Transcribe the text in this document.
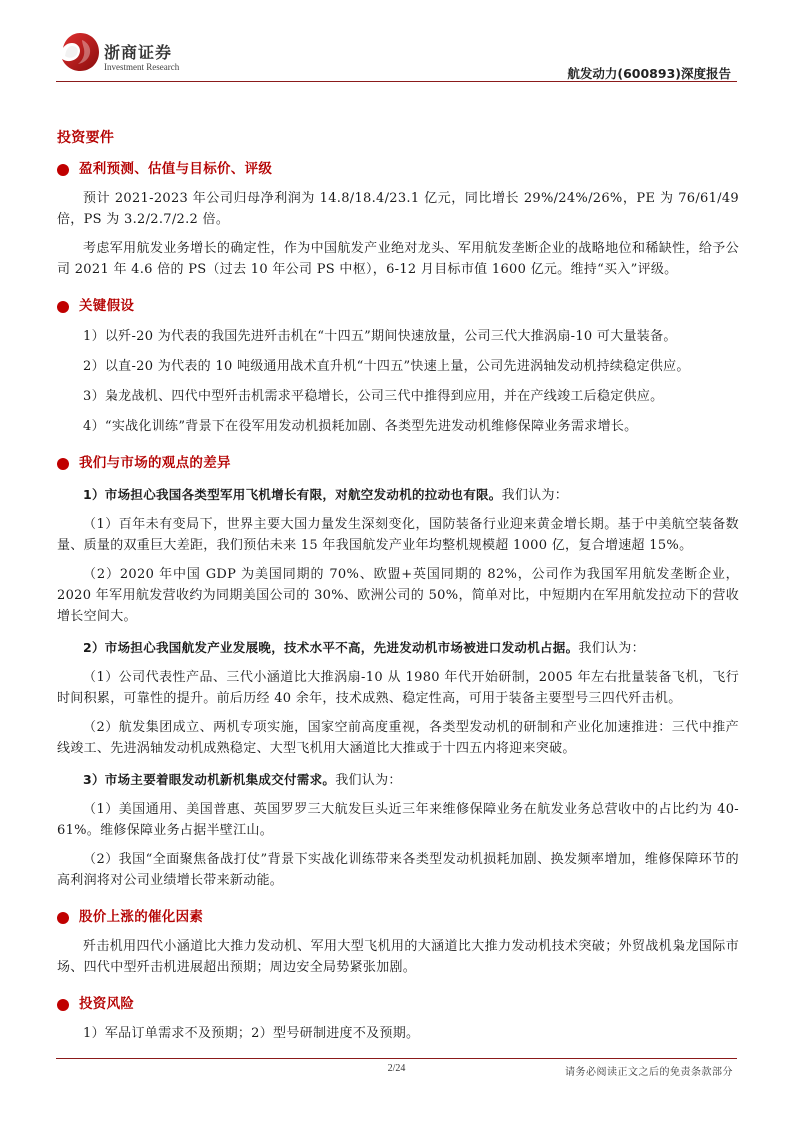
浙商证券
Investment Research	航发动力(600893)深度报告
投资要件
盈利预测、估值与目标价、评级

预计 2021-2023 年公司归母净利润为 14.8/18.4/23.1 亿元，同比增长 29%/24%/26%，PE 为 76/61/49 倍，PS 为 3.2/2.7/2.2 倍。

考虑军用航发业务增长的确定性，作为中国航发产业绝对龙头、军用航发垄断企业的战略地位和稀缺性，给予公司 2021 年 4.6 倍的 PS（过去 10 年公司 PS 中枢），6-12 月目标市值 1600 亿元。维持“买入”评级。

关键假设

1）以歼-20 为代表的我国先进歼击机在“十四五”期间快速放量，公司三代大推涡扇-10 可大量装备。

2）以直-20 为代表的 10 吨级通用战术直升机“十四五”快速上量，公司先进涡轴发动机持续稳定供应。

3）枭龙战机、四代中型歼击机需求平稳增长，公司三代中推得到应用，并在产线竣工后稳定供应。

4）“实战化训练”背景下在役军用发动机损耗加剧、各类型先进发动机维修保障业务需求增长。

我们与市场的观点的差异

1）市场担心我国各类型军用飞机增长有限，对航空发动机的拉动也有限。我们认为：

（1）百年未有变局下，世界主要大国力量发生深刻变化，国防装备行业迎来黄金增长期。基于中美航空装备数量、质量的双重巨大差距，我们预估未来 15 年我国航发产业年均整机规模超 1000 亿，复合增速超 15%。

（2）2020 年中国 GDP 为美国同期的 70%、欧盟+英国同期的 82%，公司作为我国军用航发垄断企业，2020 年军用航发营收约为同期美国公司的 30%、欧洲公司的 50%，简单对比，中短期内在军用航发拉动下的营收增长空间大。

2）市场担心我国航发产业发展晚，技术水平不高，先进发动机市场被进口发动机占据。我们认为：

（1）公司代表性产品、三代小涵道比大推涡扇-10 从 1980 年代开始研制，2005 年左右批量装备飞机，飞行时间积累，可靠性的提升。前后历经 40 余年，技术成熟、稳定性高，可用于装备主要型号三四代歼击机。

（2）航发集团成立、两机专项实施，国家空前高度重视，各类型发动机的研制和产业化加速推进：三代中推产线竣工、先进涡轴发动机成熟稳定、大型飞机用大涵道比大推或于十四五内将迎来突破。

3）市场主要着眼发动机新机集成交付需求。我们认为：

（1）美国通用、美国普惠、英国罗罗三大航发巨头近三年来维修保障业务在航发业务总营收中的占比约为 40-61%。维修保障业务占据半壁江山。

（2）我国“全面聚焦备战打仗”背景下实战化训练带来各类型发动机损耗加剧、换发频率增加，维修保障环节的高利润将对公司业绩增长带来新动能。

股价上涨的催化因素

歼击机用四代小涵道比大推力发动机、军用大型飞机用的大涵道比大推力发动机技术突破；外贸战机枭龙国际市场、四代中型歼击机进展超出预期；周边安全局势紧张加剧。

投资风险

1）军品订单需求不及预期；2）型号研制进度不及预期。

2/24	请务必阅读正文之后的免责条款部分
